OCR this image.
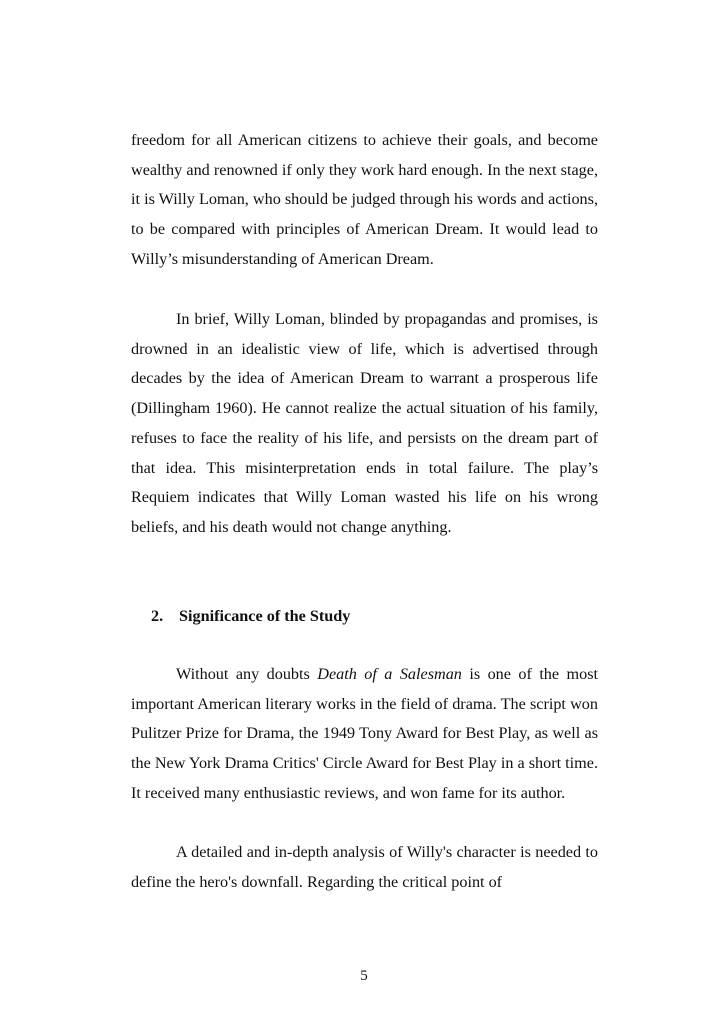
freedom for all American citizens to achieve their goals, and become wealthy and renowned if only they work hard enough. In the next stage, it is Willy Loman, who should be judged through his words and actions, to be compared with principles of American Dream. It would lead to Willy’s misunderstanding of American Dream.

In brief, Willy Loman, blinded by propagandas and promises, is drowned in an idealistic view of life, which is advertised through decades by the idea of American Dream to warrant a prosperous life (Dillingham 1960). He cannot realize the actual situation of his family, refuses to face the reality of his life, and persists on the dream part of that idea. This misinterpretation ends in total failure. The play’s Requiem indicates that Willy Loman wasted his life on his wrong beliefs, and his death would not change anything.

2. Significance of the Study

Without any doubts Death of a Salesman is one of the most important American literary works in the field of drama. The script won Pulitzer Prize for Drama, the 1949 Tony Award for Best Play, as well as the New York Drama Critics' Circle Award for Best Play in a short time. It received many enthusiastic reviews, and won fame for its author.

A detailed and in-depth analysis of Willy's character is needed to define the hero's downfall. Regarding the critical point of

5
